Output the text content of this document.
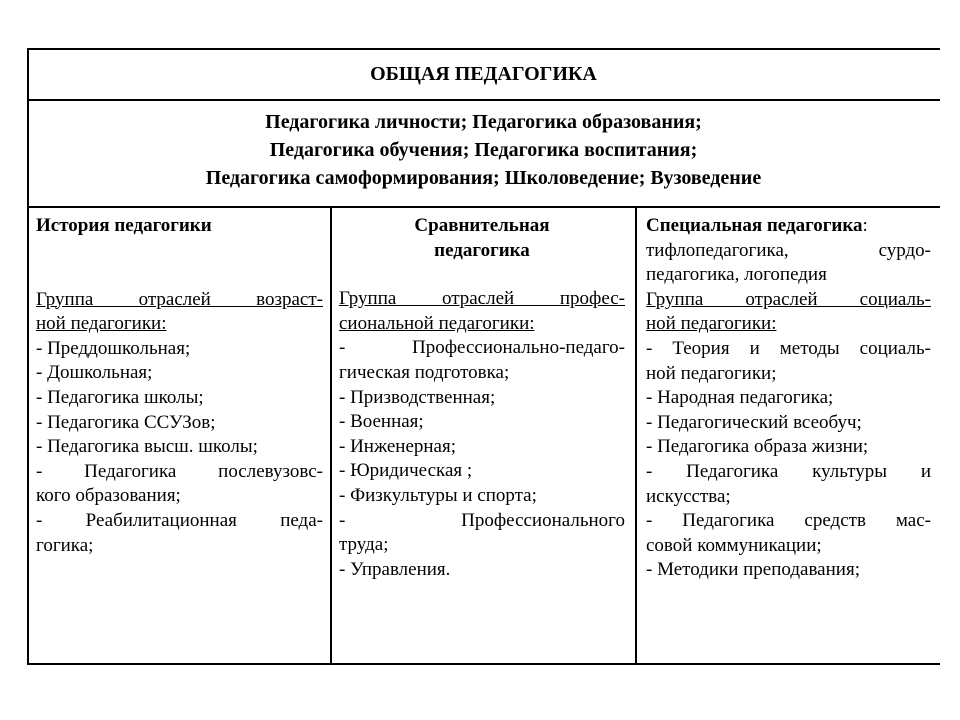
ОБЩАЯ ПЕДАГОГИКА
Педагогика личности; Педагогика образования;
Педагогика обучения; Педагогика воспитания;
Педагогика самоформирования; Школоведение; Вузоведение

История педагогики

Группа отраслей возраст-

ной педагогики:

- Преддошкольная;

- Дошкольная;

- Педагогика школы;

- Педагогика ССУЗов;

- Педагогика высш. школы;

- Педагогика послевузовс-

кого образования;

- Реабилитационная педа-

гогика;

Сравнительная

педагогика

Группа отраслей профес-

сиональной педагогики:

- Профессионально-педаго-

гическая подготовка;

- Призводственная;

- Военная;

- Инженерная;

- Юридическая ;

- Физкультуры и спорта;

- Профессионального

труда;

- Управления.

Специальная педагогика:

тифлопедагогика, сурдо-

педагогика, логопедия

Группа отраслей социаль-

ной педагогики:

- Теория и методы социаль-

ной педагогики;

- Народная педагогика;

- Педагогический всеобуч;

- Педагогика образа жизни;

- Педагогика культуры и

искусства;

- Педагогика средств мас-

совой коммуникации;

- Методики преподавания;
